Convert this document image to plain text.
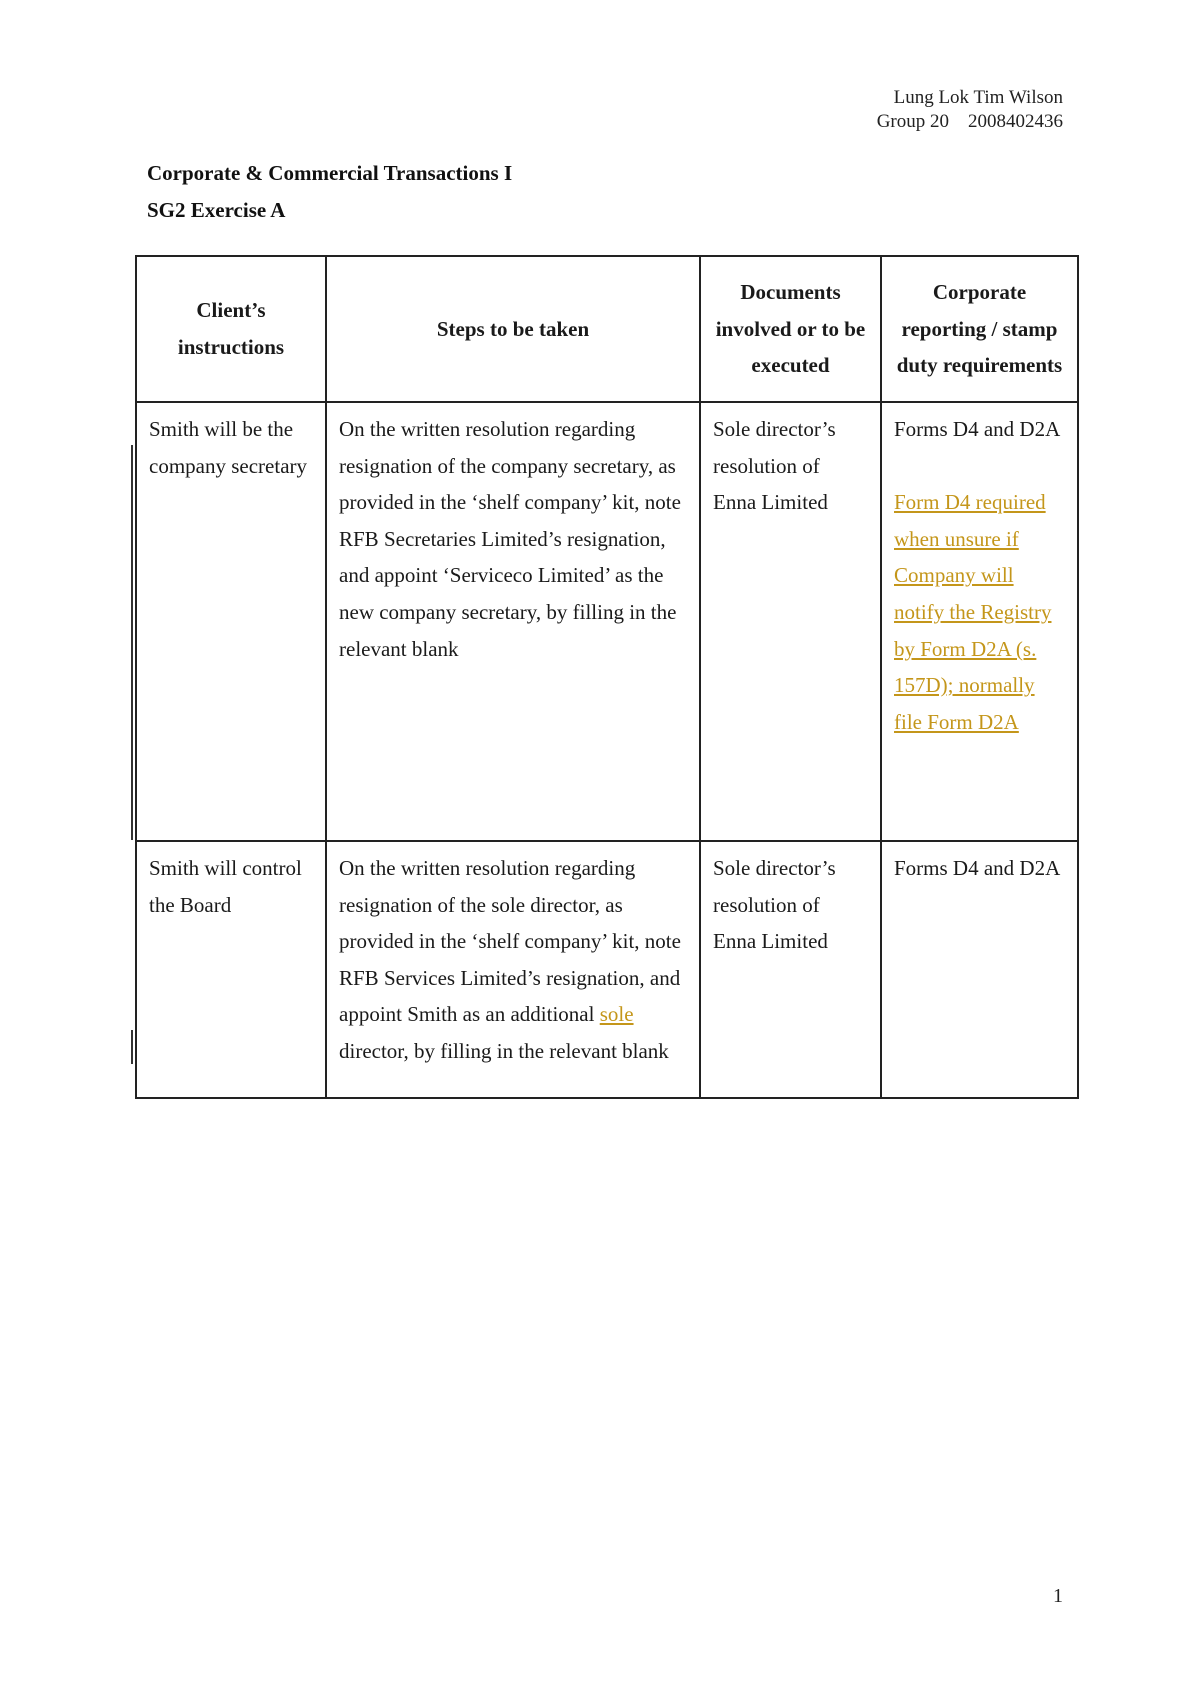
Lung Lok Tim Wilson
Group 20 2008402436
Corporate & Commercial Transactions I
SG2 Exercise A
Client’s instructions	Steps to be taken	Documents involved or to be executed	Corporate reporting / stamp duty requirements
Smith will be the company secretary	On the written resolution regarding resignation of the company secretary, as provided in the ‘shelf company’ kit, note RFB Secretaries Limited’s resignation, and appoint ‘Serviceco Limited’ as the new company secretary, by filling in the relevant blank	Sole director’s resolution of Enna Limited	Forms D4 and D2A
Form D4 required when unsure if Company will notify the Registry by Form D2A (s. 157D); normally file Form D2A

Smith will control the Board	On the written resolution regarding resignation of the sole director, as provided in the ‘shelf company’ kit, note RFB Services Limited’s resignation, and appoint Smith as an additional sole director, by filling in the relevant blank	Sole director’s resolution of Enna Limited	Forms D4 and D2A
1
